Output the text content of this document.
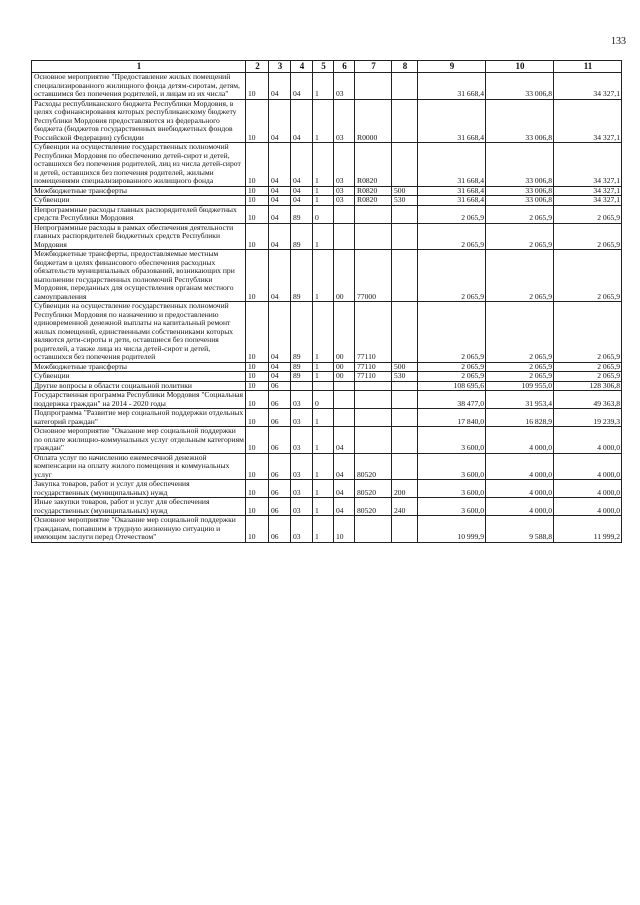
133
1	2	3	4	5	6	7	8	9	10	11
Основное мероприятие "Предоставление жилых помещений специализированного жилищного фонда детям-сиротам, детям, оставшимся без попечения родителей, и лицам из их числа"	10	04	04	1	03			31 668,4	33 006,8	34 327,1
Расходы республиканского бюджета Республики Мордовия, в целях софинансирования которых республиканскому бюджету Республики Мордовия предоставляются из федерального бюджета (бюджетов государственных внебюджетных фондов Российской Федерации) субсидии	10	04	04	1	03	R0000		31 668,4	33 006,8	34 327,1
Субвенции на осуществление государственных полномочий Республики Мордовия по обеспечению детей-сирот и детей, оставшихся без попечения родителей, лиц из числа детей-сирот и детей, оставшихся без попечения родителей, жилыми помещениями специализированного жилищного фонда	10	04	04	1	03	R0820		31 668,4	33 006,8	34 327,1
Межбюджетные трансферты	10	04	04	1	03	R0820	500	31 668,4	33 006,8	34 327,1
Субвенции	10	04	04	1	03	R0820	530	31 668,4	33 006,8	34 327,1
Непрограммные расходы главных распорядителей бюджетных средств Республики Мордовия	10	04	89	0				2 065,9	2 065,9	2 065,9
Непрограммные расходы в рамках обеспечения деятельности главных распорядителей бюджетных средств Республики Мордовия	10	04	89	1				2 065,9	2 065,9	2 065,9
Межбюджетные трансферты, предоставляемые местным бюджетам в целях финансового обеспечения расходных обязательств муниципальных образований, возникающих при выполнении государственных полномочий Республики Мордовия, переданных для осуществления органам местного самоуправления	10	04	89	1	00	77000		2 065,9	2 065,9	2 065,9
Субвенции на осуществление государственных полномочий Республики Мордовия по назначению и предоставлению единовременной денежной выплаты на капитальный ремонт жилых помещений, единственными собственниками которых являются дети-сироты и дети, оставшиеся без попечения родителей, а также лица из числа детей-сирот и детей, оставшихся без попечения родителей	10	04	89	1	00	77110		2 065,9	2 065,9	2 065,9
Межбюджетные трансферты	10	04	89	1	00	77110	500	2 065,9	2 065,9	2 065,9
Субвенции	10	04	89	1	00	77110	530	2 065,9	2 065,9	2 065,9
Другие вопросы в области социальной политики	10	06						108 695,6	109 955,0	128 306,8
Государственная программа Республики Мордовия "Социальная поддержка граждан" на 2014 - 2020 годы	10	06	03	0				38 477,0	31 953,4	49 363,8
Подпрограмма "Развитие мер социальной поддержки отдельных категорий граждан"	10	06	03	1				17 840,0	16 828,9	19 239,3
Основное мероприятие "Оказание мер социальной поддержки по оплате жилищно-коммунальных услуг отдельным категориям граждан"	10	06	03	1	04			3 600,0	4 000,0	4 000,0
Оплата услуг по начислению ежемесячной денежной компенсации на оплату жилого помещения и коммунальных услуг	10	06	03	1	04	80520		3 600,0	4 000,0	4 000,0
Закупка товаров, работ и услуг для обеспечения государственных (муниципальных) нужд	10	06	03	1	04	80520	200	3 600,0	4 000,0	4 000,0
Иные закупки товаров, работ и услуг для обеспечения государственных (муниципальных) нужд	10	06	03	1	04	80520	240	3 600,0	4 000,0	4 000,0
Основное мероприятие "Оказание мер социальной поддержки гражданам, попавшим в трудную жизненную ситуацию и имеющим заслуги перед Отечеством"	10	06	03	1	10			10 999,9	9 588,8	11 999,2
